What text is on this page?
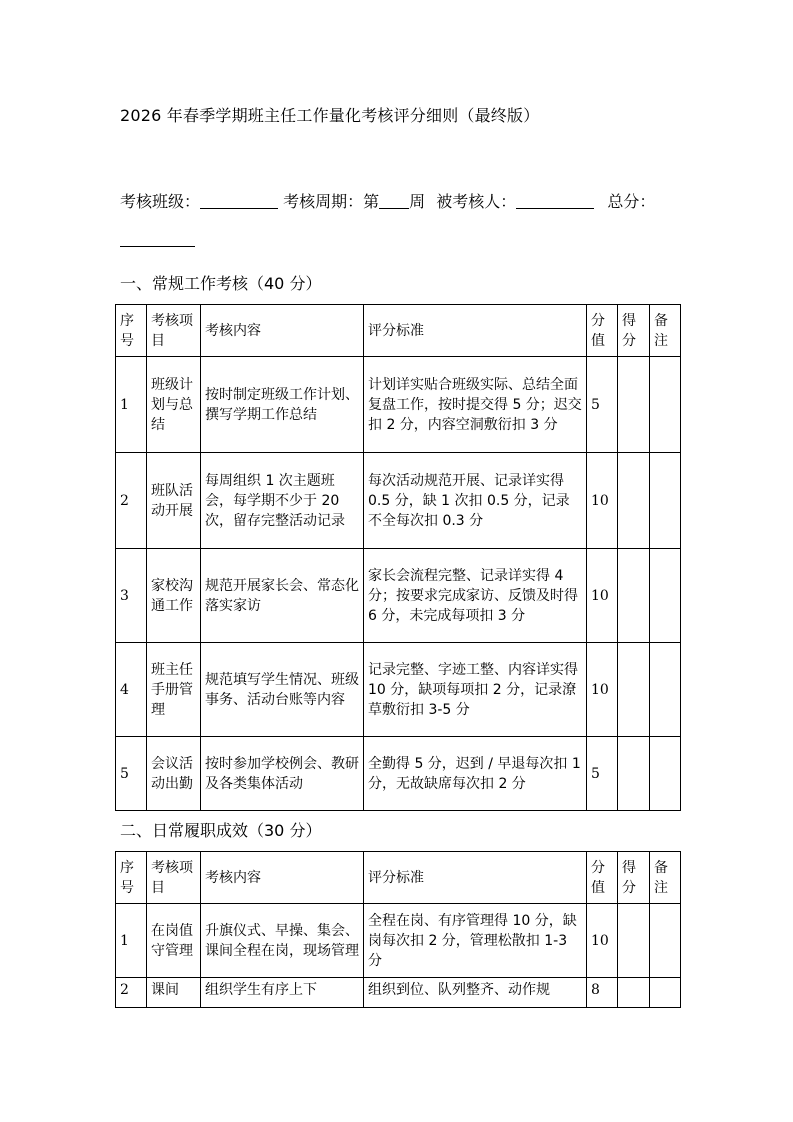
2026 年春季学期班主任工作量化考核评分细则（最终版）
考核班级：	考核周期：第 周 被考核人：	总分：
一、常规工作考核（40 分）
序号	考核项目	考核内容	评分标准	分值	得分	备注
1	班级计划与总结	按时制定班级工作计划、撰写学期工作总结	计划详实贴合班级实际、总结全面复盘工作，按时提交得 5 分；迟交扣 2 分，内容空洞敷衍扣 3 分	5		
2	班队活动开展	每周组织 1 次主题班会，每学期不少于 20 次，留存完整活动记录	每次活动规范开展、记录详实得 0.5 分，缺 1 次扣 0.5 分，记录不全每次扣 0.3 分	10		
3	家校沟通工作	规范开展家长会、常态化落实家访	家长会流程完整、记录详实得 4 分；按要求完成家访、反馈及时得 6 分，未完成每项扣 3 分	10		
4	班主任手册管理	规范填写学生情况、班级事务、活动台账等内容	记录完整、字迹工整、内容详实得 10 分，缺项每项扣 2 分，记录潦草敷衍扣 3-5 分	10		
5	会议活动出勤	按时参加学校例会、教研及各类集体活动	全勤得 5 分，迟到 / 早退每次扣 1 分，无故缺席每次扣 2 分	5		
二、日常履职成效（30 分）
序号	考核项目	考核内容	评分标准	分值	得分	备注
1	在岗值守管理	升旗仪式、早操、集会、课间全程在岗，现场管理	全程在岗、有序管理得 10 分，缺岗每次扣 2 分，管理松散扣 1-3 分	10		
2	课间	组织学生有序上下	组织到位、队列整齐、动作规	8		
